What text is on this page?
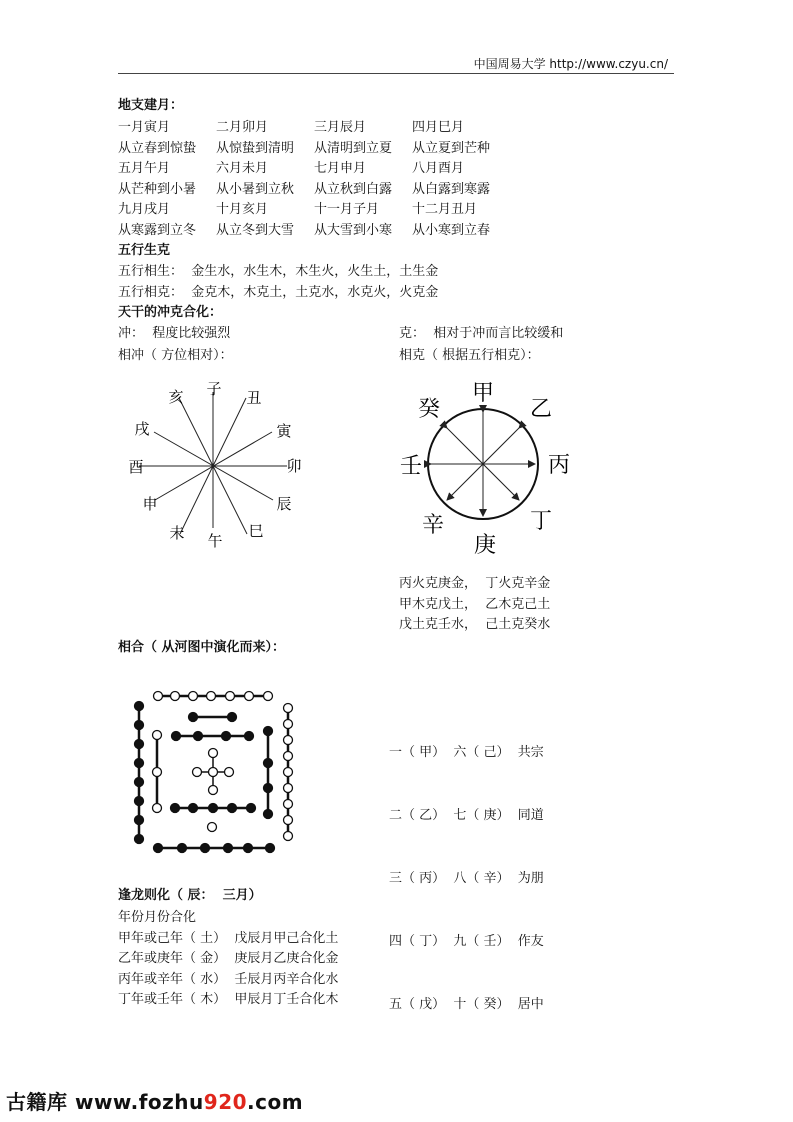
中国周易大学 http://www.czyu.cn/
地支建月：
一月寅月	二月卯月	三月辰月	四月巳月
从立春到惊蛰	从惊蛰到清明	从清明到立夏	从立夏到芒种
五月午月	六月未月	七月申月	八月酉月
从芒种到小暑	从小暑到立秋	从立秋到白露	从白露到寒露
九月戌月	十月亥月	十一月子月	十二月丑月
从寒露到立冬	从立冬到大雪	从大雪到小寒	从小寒到立春
五行生克
五行相生：  金生水，水生木，木生火，火生土，土生金
五行相克：  金克木，木克土，土克水，水克火，火克金
天干的冲克合化：
冲：  程度比较强烈	克：  相对于冲而言比较缓和
相冲（ 方位相对）：	相克（ 根据五行相克）：
子 丑
寅
卯
辰
巳
午
未
申
酉
戌
亥	甲
乙
丙
丁
庚
辛
壬
癸
丙火克庚金，  丁火克辛金
甲木克戊土，  乙木克己土
戊土克壬水，  己土克癸水
相合（ 从河图中演化而来）：

一（ 甲）  六（ 己）  共宗

二（ 乙）  七（ 庚）  同道

三（ 丙）  八（ 辛）  为朋

四（ 丁）  九（ 壬）  作友

五（ 戊）  十（ 癸）  居中

逢龙则化（ 辰：  三月）
年份月份合化
甲年或己年（ 土）  戊辰月甲己合化土
乙年或庚年（ 金）  庚辰月乙庚合化金
丙年或辛年（ 水）  壬辰月丙辛合化水
丁年或壬年（ 木）  甲辰月丁壬合化木
古籍库 www.fozhu920.com
